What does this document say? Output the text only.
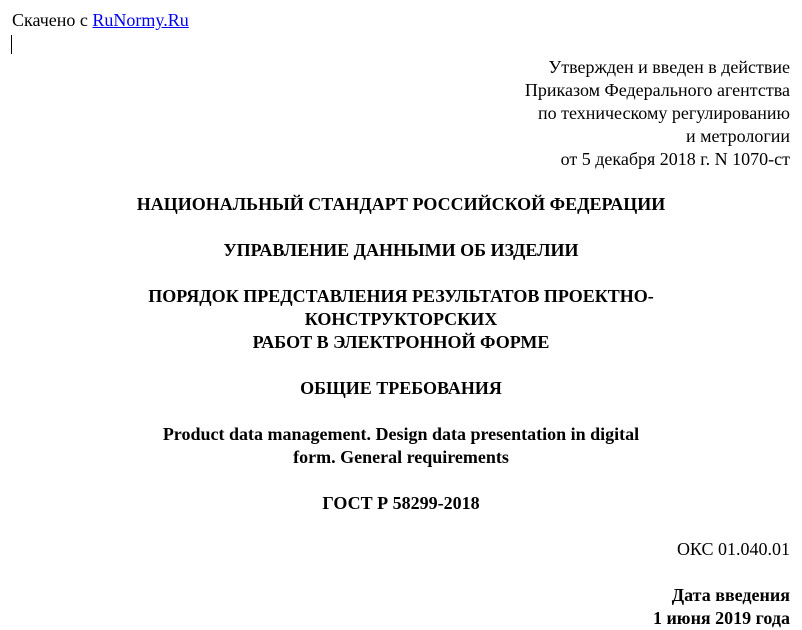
Скачено с RuNormy.Ru
Утвержден и введен в действие
Приказом Федерального агентства
по техническому регулированию
и метрологии
от 5 декабря 2018 г. N 1070-ст
НАЦИОНАЛЬНЫЙ СТАНДАРТ РОССИЙСКОЙ ФЕДЕРАЦИИ
УПРАВЛЕНИЕ ДАННЫМИ ОБ ИЗДЕЛИИ
ПОРЯДОК ПРЕДСТАВЛЕНИЯ РЕЗУЛЬТАТОВ ПРОЕКТНО-
КОНСТРУКТОРСКИХ
РАБОТ В ЭЛЕКТРОННОЙ ФОРМЕ
ОБЩИЕ ТРЕБОВАНИЯ
Product data management. Design data presentation in digital
form. General requirements
ГОСТ Р 58299-2018
ОКС 01.040.01
Дата введения
1 июня 2019 года
